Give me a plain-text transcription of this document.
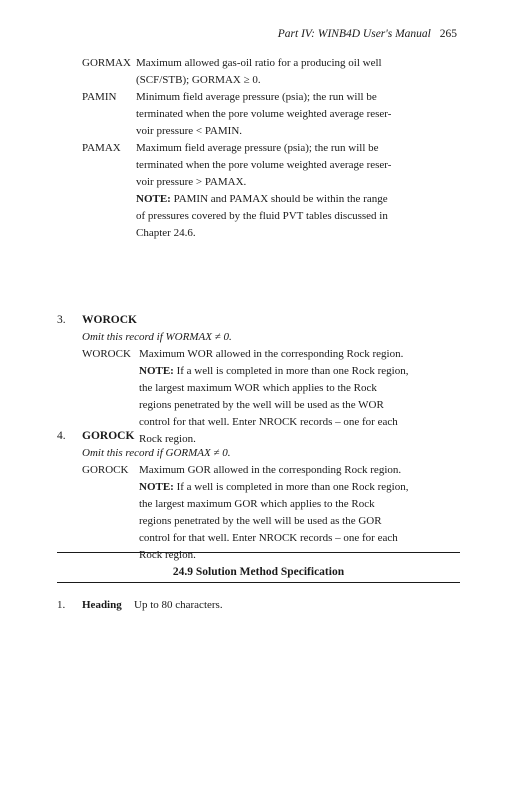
Part IV: WINB4D User's Manual 265
GORMAX Maximum allowed gas-oil ratio for a producing oil well
(SCF/STB); GORMAX ≥ 0.
PAMIN	Minimum field average pressure (psia); the run will be
terminated when the pore volume weighted average reser-
voir pressure < PAMIN.
PAMAX	Maximum field average pressure (psia); the run will be
terminated when the pore volume weighted average reser-
voir pressure > PAMAX.
NOTE: PAMIN and PAMAX should be within the range
of pressures covered by the fluid PVT tables discussed in
Chapter 24.6.
3.	WOROCK
Omit this record if WORMAX ≠ 0.
WOROCK Maximum WOR allowed in the corresponding Rock region.
NOTE: If a well is completed in more than one Rock region,
the largest maximum WOR which applies to the Rock
regions penetrated by the well will be used as the WOR
control for that well. Enter NROCK records – one for each
Rock region.
4.	GOROCK
Omit this record if GORMAX ≠ 0.
GOROCK Maximum GOR allowed in the corresponding Rock region.
NOTE: If a well is completed in more than one Rock region,
the largest maximum GOR which applies to the Rock
regions penetrated by the well will be used as the GOR
control for that well. Enter NROCK records – one for each
Rock region.
24.9 Solution Method Specification
1.	Heading	Up to 80 characters.
